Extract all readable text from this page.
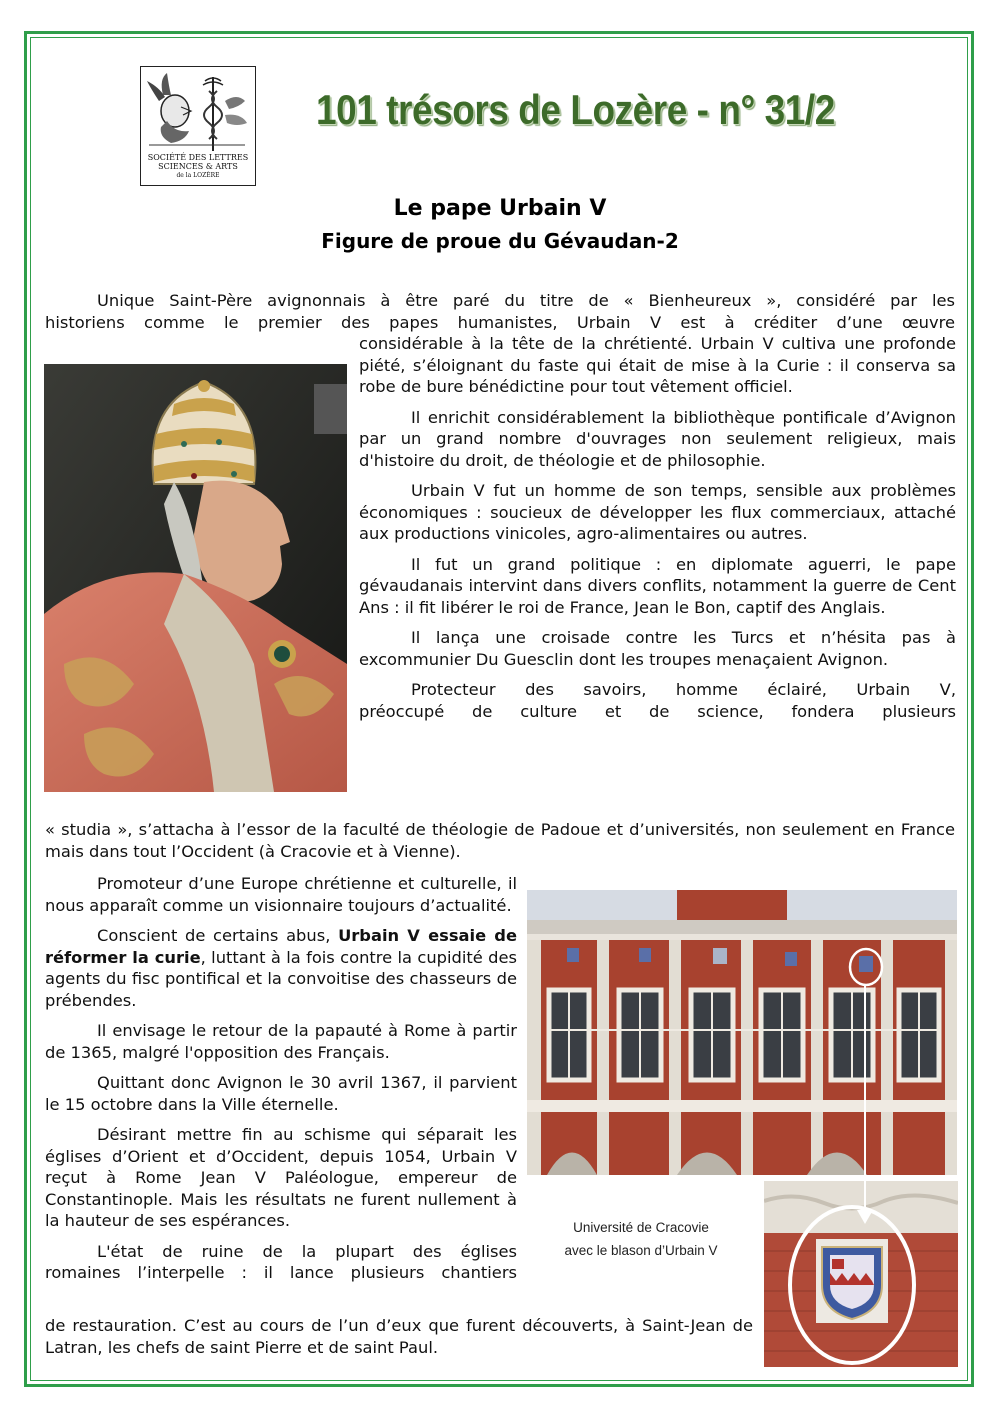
SOCIÉTÉ DES LETTRES
SCIENCES & ARTS
de la LOZÈRE
101 trésors de Lozère - n° 31/2
Le pape Urbain V
Figure de proue du Gévaudan-2

Unique Saint-Père avignonnais à être paré du titre de « Bienheureux », considéré par les

historiens comme le premier des papes humanistes, Urbain V est à créditer d’une œuvre

considérable à la tête de la chrétienté. Urbain V cultiva une profonde piété, s’éloignant du faste qui était de mise à la Curie : il conserva sa robe de bure bénédictine pour tout vêtement officiel.

Il enrichit considérablement la bibliothèque pontificale d’Avignon par un grand nombre d'ouvrages non seulement religieux, mais d'histoire du droit, de théologie et de philosophie.

Urbain V fut un homme de son temps, sensible aux problèmes économiques : soucieux de développer les flux commerciaux, attaché aux productions vinicoles, agro-alimentaires ou autres.

Il fut un grand politique : en diplomate aguerri, le pape gévaudanais intervint dans divers conflits, notamment la guerre de Cent Ans : il fit libérer le roi de France, Jean le Bon, captif des Anglais.

Il lança une croisade contre les Turcs et n’hésita pas à excommunier Du Guesclin dont les troupes menaçaient Avignon.

Protecteur des savoirs, homme éclairé, Urbain V,

préoccupé de culture et de science, fondera plusieurs

« studia », s’attacha à l’essor de la faculté de théologie de Padoue et d’universités, non seulement en France mais dans tout l’Occident (à Cracovie et à Vienne).

Promoteur d’une Europe chrétienne et culturelle, il nous apparaît comme un visionnaire toujours d’actualité.

Conscient de certains abus, Urbain V essaie de réformer la curie, luttant à la fois contre la cupidité des agents du fisc pontifical et la convoitise des chasseurs de prébendes.

Il envisage le retour de la papauté à Rome à partir de 1365, malgré l'opposition des Français.

Quittant donc Avignon le 30 avril 1367, il parvient le 15 octobre dans la Ville éternelle.

Désirant mettre fin au schisme qui séparait les églises d’Orient et d’Occident, depuis 1054, Urbain V reçut à Rome Jean V Paléologue, empereur de Constantinople. Mais les résultats ne furent nullement à la hauteur de ses espérances.

L'état de ruine de la plupart des églises

romaines l’interpelle : il lance plusieurs chantiers

de restauration. C’est au cours de l’un d’eux que furent découverts, à Saint-Jean de Latran, les chefs de saint Pierre et de saint Paul.

Université de Cracovie
avec le blason d’Urbain V
